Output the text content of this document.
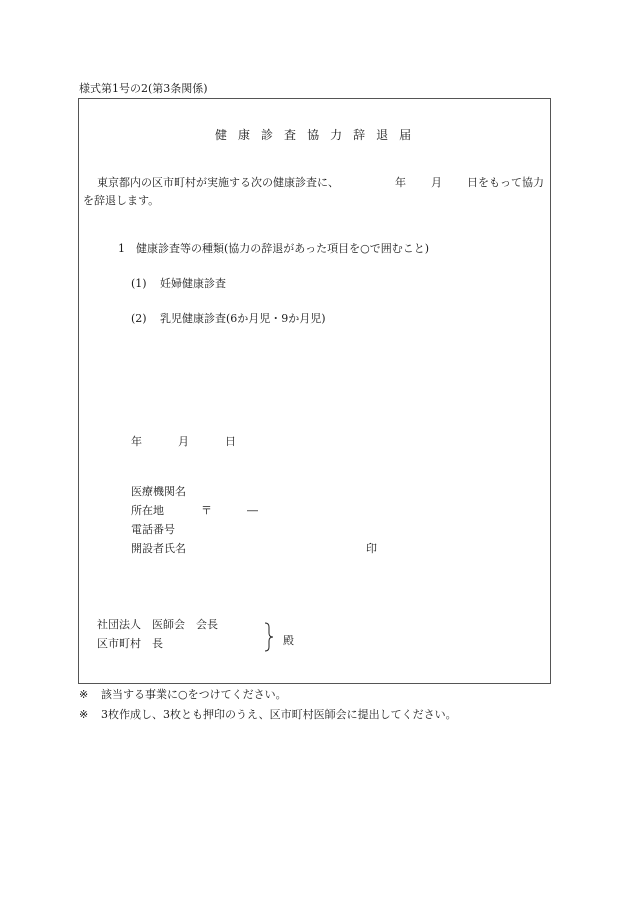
様式第1号の2(第3条関係)
健 康 診 査 協 力 辞 退 届
東京都内の区市町村が実施する次の健康診査に、	年 月 日をもって協力
を辞退します。
1　健康診査等の種類(協力の辞退があった項目を○で囲むこと)
(1) 妊婦健康診査
(2) 乳児健康診査(6か月児・9か月児)
年	月	日
医療機関名
所在地	〒	―
電話番号
開設者氏名	印
社団法人　医師会　会長
区市町村　長	殿
※ 該当する事業に○をつけてください。
※ 3枚作成し、3枚とも押印のうえ、区市町村医師会に提出してください。
